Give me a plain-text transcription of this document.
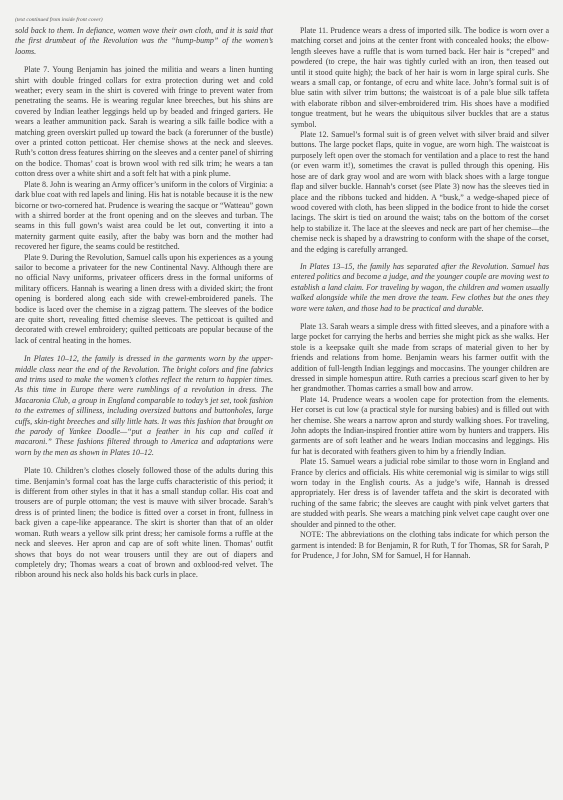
(text continued from inside front cover)

sold back to them. In defiance, women wove their own cloth, and it is said that the first drumbeat of the Revolution was the “hump-bump” of the women’s looms.

Plate 7. Young Benjamin has joined the militia and wears a linen hunting shirt with double fringed collars for extra protection during wet and cold weather; every seam in the shirt is covered with fringe to prevent water from penetrating the seams. He is wearing regular knee breeches, but his shins are covered by Indian leather leggings held up by beaded and fringed garters. He wears a leather ammunition pack. Sarah is wearing a silk faille bodice with a matching green overskirt pulled up toward the back (a forerunner of the bustle) over a printed cotton petticoat. Her chemise shows at the neck and sleeves. Ruth’s cotton dress features shirring on the sleeves and a center panel of shirring on the bodice. Thomas’ coat is brown wool with red silk trim; he wears a tan cotton dress over a white shirt and a soft felt hat with a pink plume.

Plate 8. John is wearing an Army officer’s uniform in the colors of Virginia: a dark blue coat with red lapels and lining. His hat is notable because it is the new bicorne or two-cornered hat. Prudence is wearing the sacque or “Watteau” gown with a shirred border at the front opening and on the sleeves and turban. The seams in this full gown’s waist area could be let out, converting it into a maternity garment quite easily, after the baby was born and the mother had recovered her figure, the seams could be restitched.

Plate 9. During the Revolution, Samuel calls upon his experiences as a young sailor to become a privateer for the new Continental Navy. Although there are no official Navy uniforms, privateer officers dress in the formal uniforms of military officers. Hannah is wearing a linen dress with a divided skirt; the front opening is bordered along each side with crewel-embroidered panels. The bodice is laced over the chemise in a zigzag pattern. The sleeves of the bodice are quite short, revealing fitted chemise sleeves. The petticoat is quilted and decorated with crewel embroidery; quilted petticoats are popular because of the lack of central heating in the homes.

In Plates 10–12, the family is dressed in the garments worn by the upper-middle class near the end of the Revolution. The bright colors and fine fabrics and trims used to make the women’s clothes reflect the return to happier times. As this time in Europe there were rumblings of a revolution in dress. The Macaronia Club, a group in England comparable to today’s jet set, took fashion to the extremes of silliness, including oversized buttons and buttonholes, large cuffs, skin-tight breeches and silly little hats. It was this fashion that brought on the parody of Yankee Doodle—“put a feather in his cap and called it macaroni.” These fashions filtered through to America and adaptations were worn by the men as shown in Plates 10–12.

Plate 10. Children’s clothes closely followed those of the adults during this time. Benjamin’s formal coat has the large cuffs characteristic of this period; it is different from other styles in that it has a small standup collar. His coat and trousers are of purple ottoman; the vest is mauve with silver brocade. Sarah’s dress is of printed linen; the bodice is fitted over a corset in front, fullness in back given a cape-like appearance. The skirt is shorter than that of an older woman. Ruth wears a yellow silk print dress; her camisole forms a ruffle at the neck and sleeves. Her apron and cap are of soft white linen. Thomas’ outfit shows that boys do not wear trousers until they are out of diapers and completely dry; Thomas wears a coat of brown and oxblood-red velvet. The ribbon around his neck also holds his back curls in place.

Plate 11. Prudence wears a dress of imported silk. The bodice is worn over a matching corset and joins at the center front with concealed hooks; the elbow-length sleeves have a ruffle that is worn turned back. Her hair is “creped” and powdered (to crepe, the hair was tightly curled with an iron, then teased out until it stood quite high); the back of her hair is worn in large spiral curls. She wears a small cap, or fontange, of ecru and white lace. John’s formal suit is of blue satin with silver trim buttons; the waistcoat is of a pale blue silk taffeta with elaborate ribbon and silver-embroidered trim. His shoes have a modified tongue treatment, but he wears the ubiquitous silver buckles that are a status symbol.

Plate 12. Samuel’s formal suit is of green velvet with silver braid and silver buttons. The large pocket flaps, quite in vogue, are worn high. The waistcoat is purposely left open over the stomach for ventilation and a place to rest the hand (or even warm it!), sometimes the cravat is pulled through this opening. His hose are of dark gray wool and are worn with black shoes with a large tongue flap and silver buckle. Hannah’s corset (see Plate 3) now has the sleeves tied in place and the ribbons tucked and hidden. A “busk,” a wedge-shaped piece of wood covered with cloth, has been slipped in the bodice front to hide the corset lacings. The skirt is tied on around the waist; tabs on the bottom of the corset help to stabilize it. The lace at the sleeves and neck are part of her chemise—the chemise neck is shaped by a drawstring to conform with the shape of the corset, and the edging is carefully arranged.

In Plates 13–15, the family has separated after the Revolution. Samuel has entered politics and become a judge, and the younger couple are moving west to establish a land claim. For traveling by wagon, the children and women usually walked alongside while the men drove the team. Few clothes but the ones they wore were taken, and those had to be practical and durable.

Plate 13. Sarah wears a simple dress with fitted sleeves, and a pinafore with a large pocket for carrying the herbs and berries she might pick as she walks. Her stole is a keepsake quilt she made from scraps of material given to her by friends and relations from home. Benjamin wears his farmer outfit with the addition of full-length Indian leggings and moccasins. The younger children are dressed in simple homespun attire. Ruth carries a precious scarf given to her by her grandmother. Thomas carries a small bow and arrow.

Plate 14. Prudence wears a woolen cape for protection from the elements. Her corset is cut low (a practical style for nursing babies) and is filled out with her chemise. She wears a narrow apron and sturdy walking shoes. For traveling, John adopts the Indian-inspired frontier attire worn by hunters and trappers. His garments are of soft leather and he wears Indian moccasins and leggings. His fur hat is decorated with feathers given to him by a friendly Indian.

Plate 15. Samuel wears a judicial robe similar to those worn in England and France by clerics and officials. His white ceremonial wig is similar to wigs still worn today in the English courts. As a judge’s wife, Hannah is dressed appropriately. Her dress is of lavender taffeta and the skirt is decorated with ruching of the same fabric; the sleeves are caught with pink velvet garters that are studded with pearls. She wears a matching pink velvet cape caught over one shoulder and pinned to the other.

NOTE: The abbreviations on the clothing tabs indicate for which person the garment is intended: B for Benjamin, R for Ruth, T for Thomas, SR for Sarah, P for Prudence, J for John, SM for Samuel, H for Hannah.
